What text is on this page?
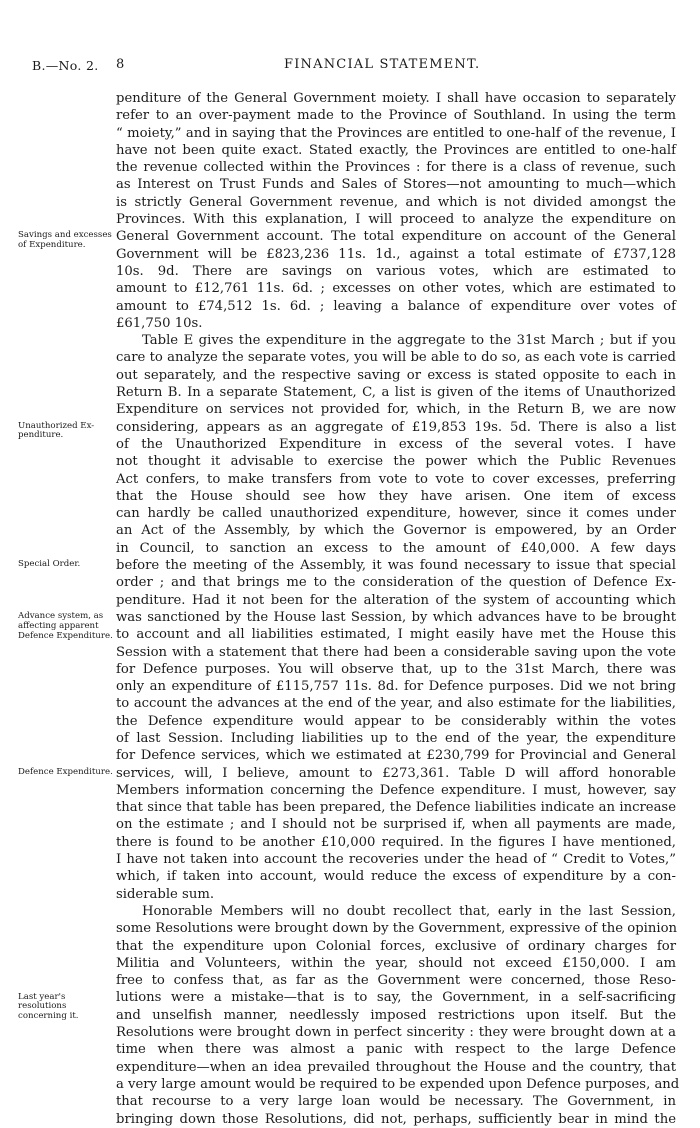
B.—No. 2. 8	FINANCIAL STATEMENT.
Savings and excesses
of Expenditure.
Unauthorized Ex-
penditure.
Special Order.
Advance system, as
affecting apparent
Defence Expenditure.
Defence Expenditure.
Last year's
resolutions
concerning it.
penditure of the General Government moiety. I shall have occasion to separately
refer to an over-payment made to the Province of Southland. In using the term
“ moiety,” and in saying that the Provinces are entitled to one-half of the revenue, I
have not been quite exact. Stated exactly, the Provinces are entitled to one-half
the revenue collected within the Provinces : for there is a class of revenue, such
as Interest on Trust Funds and Sales of Stores—not amounting to much—which
is strictly General Government revenue, and which is not divided amongst the
Provinces. With this explanation, I will proceed to analyze the expenditure on
General Government account. The total expenditure on account of the General
Government will be £823,236 11s. 1d., against a total estimate of £737,128
10s. 9d. There are savings on various votes, which are estimated to
amount to £12,761 11s. 6d. ; excesses on other votes, which are estimated to
amount to £74,512 1s. 6d. ; leaving a balance of expenditure over votes of
£61,750 10s.
Table E gives the expenditure in the aggregate to the 31st March ; but if you
care to analyze the separate votes, you will be able to do so, as each vote is carried
out separately, and the respective saving or excess is stated opposite to each in
Return B. In a separate Statement, C, a list is given of the items of Unauthorized
Expenditure on services not provided for, which, in the Return B, we are now
considering, appears as an aggregate of £19,853 19s. 5d. There is also a list
of the Unauthorized Expenditure in excess of the several votes. I have
not thought it advisable to exercise the power which the Public Revenues
Act confers, to make transfers from vote to vote to cover excesses, preferring
that the House should see how they have arisen. One item of excess
can hardly be called unauthorized expenditure, however, since it comes under
an Act of the Assembly, by which the Governor is empowered, by an Order
in Council, to sanction an excess to the amount of £40,000. A few days
before the meeting of the Assembly, it was found necessary to issue that special
order ; and that brings me to the consideration of the question of Defence Ex-
penditure. Had it not been for the alteration of the system of accounting which
was sanctioned by the House last Session, by which advances have to be brought
to account and all liabilities estimated, I might easily have met the House this
Session with a statement that there had been a considerable saving upon the vote
for Defence purposes. You will observe that, up to the 31st March, there was
only an expenditure of £115,757 11s. 8d. for Defence purposes. Did we not bring
to account the advances at the end of the year, and also estimate for the liabilities,
the Defence expenditure would appear to be considerably within the votes
of last Session. Including liabilities up to the end of the year, the expenditure
for Defence services, which we estimated at £230,799 for Provincial and General
services, will, I believe, amount to £273,361. Table D will afford honorable
Members information concerning the Defence expenditure. I must, however, say
that since that table has been prepared, the Defence liabilities indicate an increase
on the estimate ; and I should not be surprised if, when all payments are made,
there is found to be another £10,000 required. In the figures I have mentioned,
I have not taken into account the recoveries under the head of “ Credit to Votes,”
which, if taken into account, would reduce the excess of expenditure by a con-
siderable sum.
Honorable Members will no doubt recollect that, early in the last Session,
some Resolutions were brought down by the Government, expressive of the opinion
that the expenditure upon Colonial forces, exclusive of ordinary charges for
Militia and Volunteers, within the year, should not exceed £150,000. I am
free to confess that, as far as the Government were concerned, those Reso-
lutions were a mistake—that is to say, the Government, in a self-sacrificing
and unselfish manner, needlessly imposed restrictions upon itself. But the
Resolutions were brought down in perfect sincerity : they were brought down at a
time when there was almost a panic with respect to the large Defence
expenditure—when an idea prevailed throughout the House and the country, that
a very large amount would be required to be expended upon Defence purposes, and
that recourse to a very large loan would be necessary. The Government, in
bringing down those Resolutions, did not, perhaps, sufficiently bear in mind the
